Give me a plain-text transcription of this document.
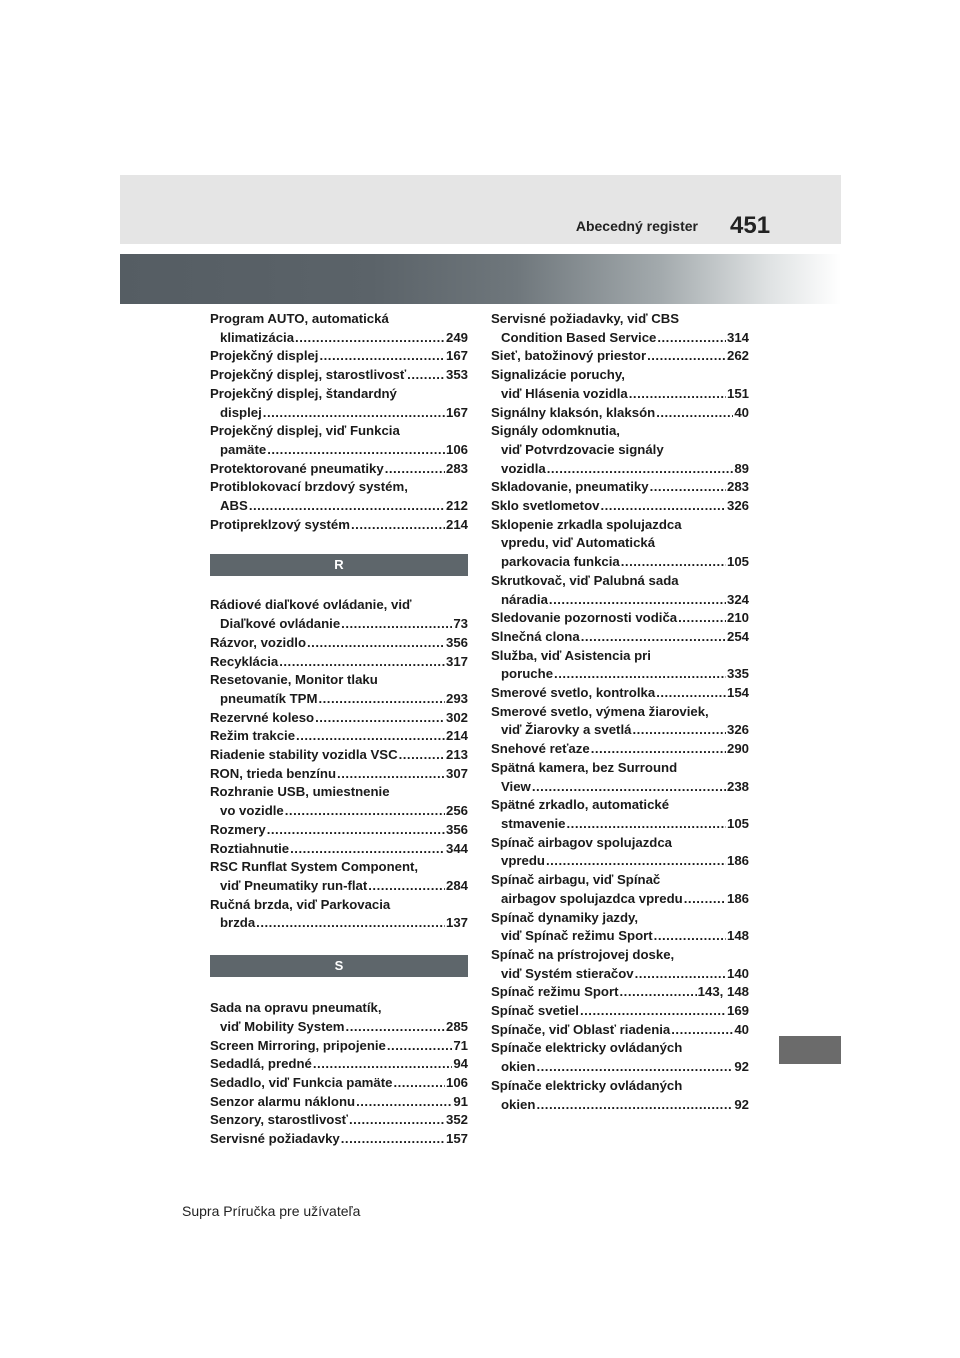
Abecedný register 451
Program AUTO, automatická
klimatizácia .....	249
Projekčný displej .....	167
Projekčný displej, starostlivosť .....	353
Projekčný displej, štandardný
displej .....	167
Projekčný displej, viď Funkcia
pamäte .....	106
Protektorované pneumatiky .....	283
Protiblokovací brzdový systém,
ABS .....	212
Protipreklzový systém .....	214
R
Rádiové diaľkové ovládanie, viď
Diaľkové ovládanie .....	73
Rázvor, vozidlo .....	356
Recyklácia .....	317
Resetovanie, Monitor tlaku
pneumatík TPM .....	293
Rezervné koleso .....	302
Režim trakcie .....	214
Riadenie stability vozidla VSC .....	213
RON, trieda benzínu .....	307
Rozhranie USB, umiestnenie
vo vozidle .....	256
Rozmery .....	356
Roztiahnutie .....	344
RSC Runflat System Component,
viď Pneumatiky run-flat .....	284
Ručná brzda, viď Parkovacia
brzda .....	137
S
Sada na opravu pneumatík,
viď Mobility System .....	285
Screen Mirroring, pripojenie .....	71
Sedadlá, predné .....	94
Sedadlo, viď Funkcia pamäte .....	106
Senzor alarmu náklonu .....	91
Senzory, starostlivosť .....	352
Servisné požiadavky .....	157
Servisné požiadavky, viď CBS
Condition Based Service .....	314
Sieť, batožinový priestor .....	262
Signalizácie poruchy,
viď Hlásenia vozidla .....	151
Signálny klaksón, klaksón .....	40
Signály odomknutia,
viď Potvrdzovacie signály
vozidla .....	89
Skladovanie, pneumatiky .....	283
Sklo svetlometov .....	326
Sklopenie zrkadla spolujazdca
vpredu, viď Automatická
parkovacia funkcia .....	105
Skrutkovač, viď Palubná sada
náradia .....	324
Sledovanie pozornosti vodiča .....	210
Slnečná clona .....	254
Služba, viď Asistencia pri
poruche .....	335
Smerové svetlo, kontrolka .....	154
Smerové svetlo, výmena žiaroviek,
viď Žiarovky a svetlá .....	326
Snehové reťaze .....	290
Spätná kamera, bez Surround
View .....	238
Spätné zrkadlo, automatické
stmavenie .....	105
Spínač airbagov spolujazdca
vpredu .....	186
Spínač airbagu, viď Spínač
airbagov spolujazdca vpredu .....	186
Spínač dynamiky jazdy,
viď Spínač režimu Sport .....	148
Spínač na prístrojovej doske,
viď Systém stieračov .....	140
Spínač režimu Sport .....	143, 148
Spínač svetiel .....	169
Spínače, viď Oblasť riadenia .....	40
Spínače elektricky ovládaných
okien .....	92
Spínače elektricky ovládaných
okien .....	92
Supra Príručka pre užívateľa
